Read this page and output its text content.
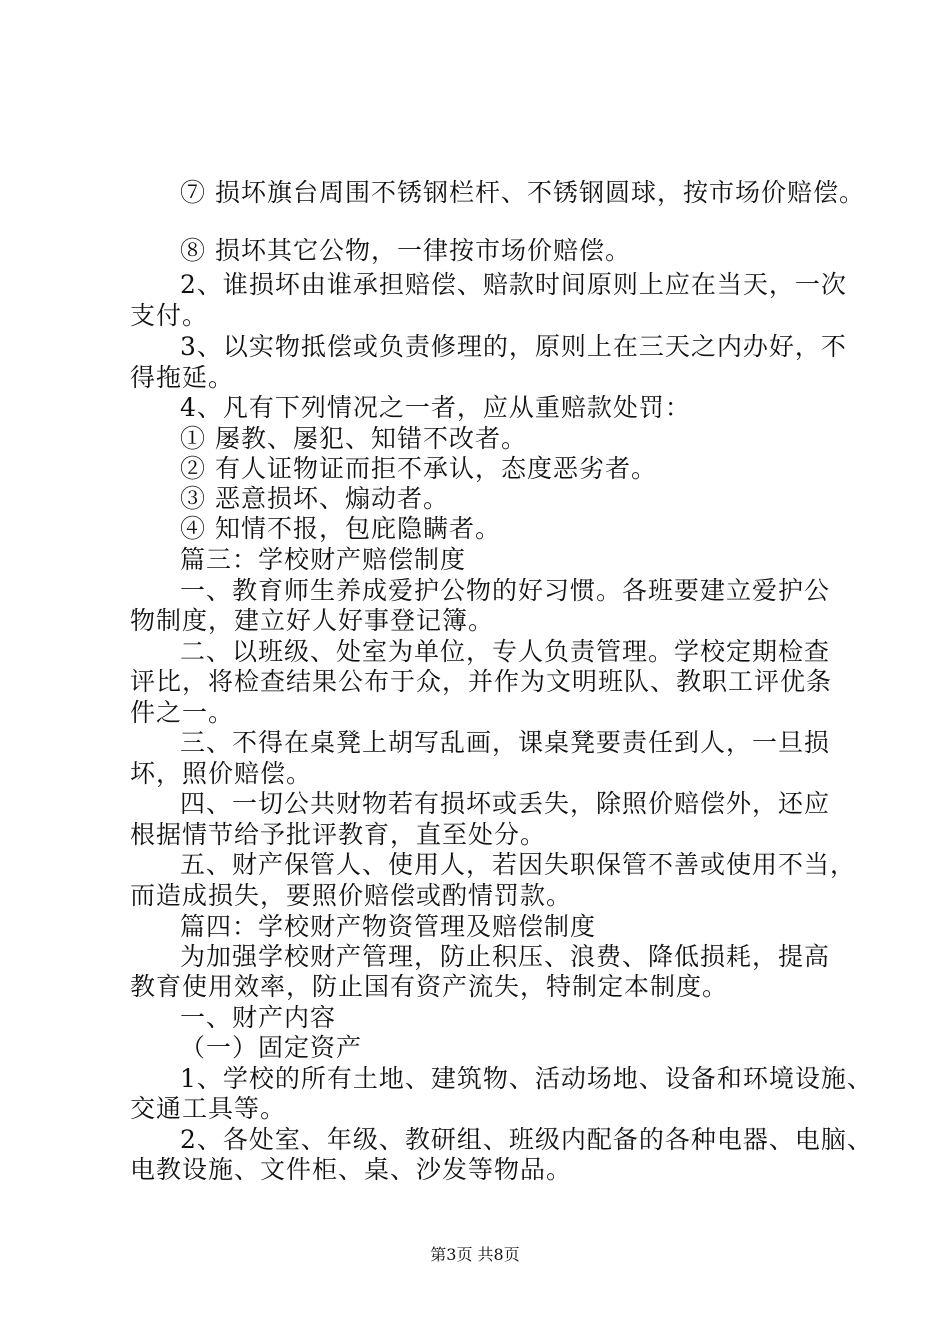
⑦ 损坏旗台周围不锈钢栏杆、不锈钢圆球，按市场价赔偿。
⑧ 损坏其它公物，一律按市场价赔偿。
2、谁损坏由谁承担赔偿、赔款时间原则上应在当天，一次
支付。
3、以实物抵偿或负责修理的，原则上在三天之内办好，不
得拖延。
4、凡有下列情况之一者，应从重赔款处罚：
① 屡教、屡犯、知错不改者。
② 有人证物证而拒不承认，态度恶劣者。
③ 恶意损坏、煽动者。
④ 知情不报，包庇隐瞒者。
篇三：学校财产赔偿制度
一、教育师生养成爱护公物的好习惯。各班要建立爱护公
物制度，建立好人好事登记簿。
二、以班级、处室为单位，专人负责管理。学校定期检查
评比，将检查结果公布于众，并作为文明班队、教职工评优条
件之一。
三、不得在桌凳上胡写乱画，课桌凳要责任到人，一旦损
坏，照价赔偿。
四、一切公共财物若有损坏或丢失，除照价赔偿外，还应
根据情节给予批评教育，直至处分。
五、财产保管人、使用人，若因失职保管不善或使用不当，
而造成损失，要照价赔偿或酌情罚款。
篇四：学校财产物资管理及赔偿制度
为加强学校财产管理，防止积压、浪费、降低损耗，提高
教育使用效率，防止国有资产流失，特制定本制度。
一、财产内容
（一）固定资产
1、学校的所有土地、建筑物、活动场地、设备和环境设施、
交通工具等。
2、各处室、年级、教研组、班级内配备的各种电器、电脑、
电教设施、文件柜、桌、沙发等物品。
第3页 共8页
